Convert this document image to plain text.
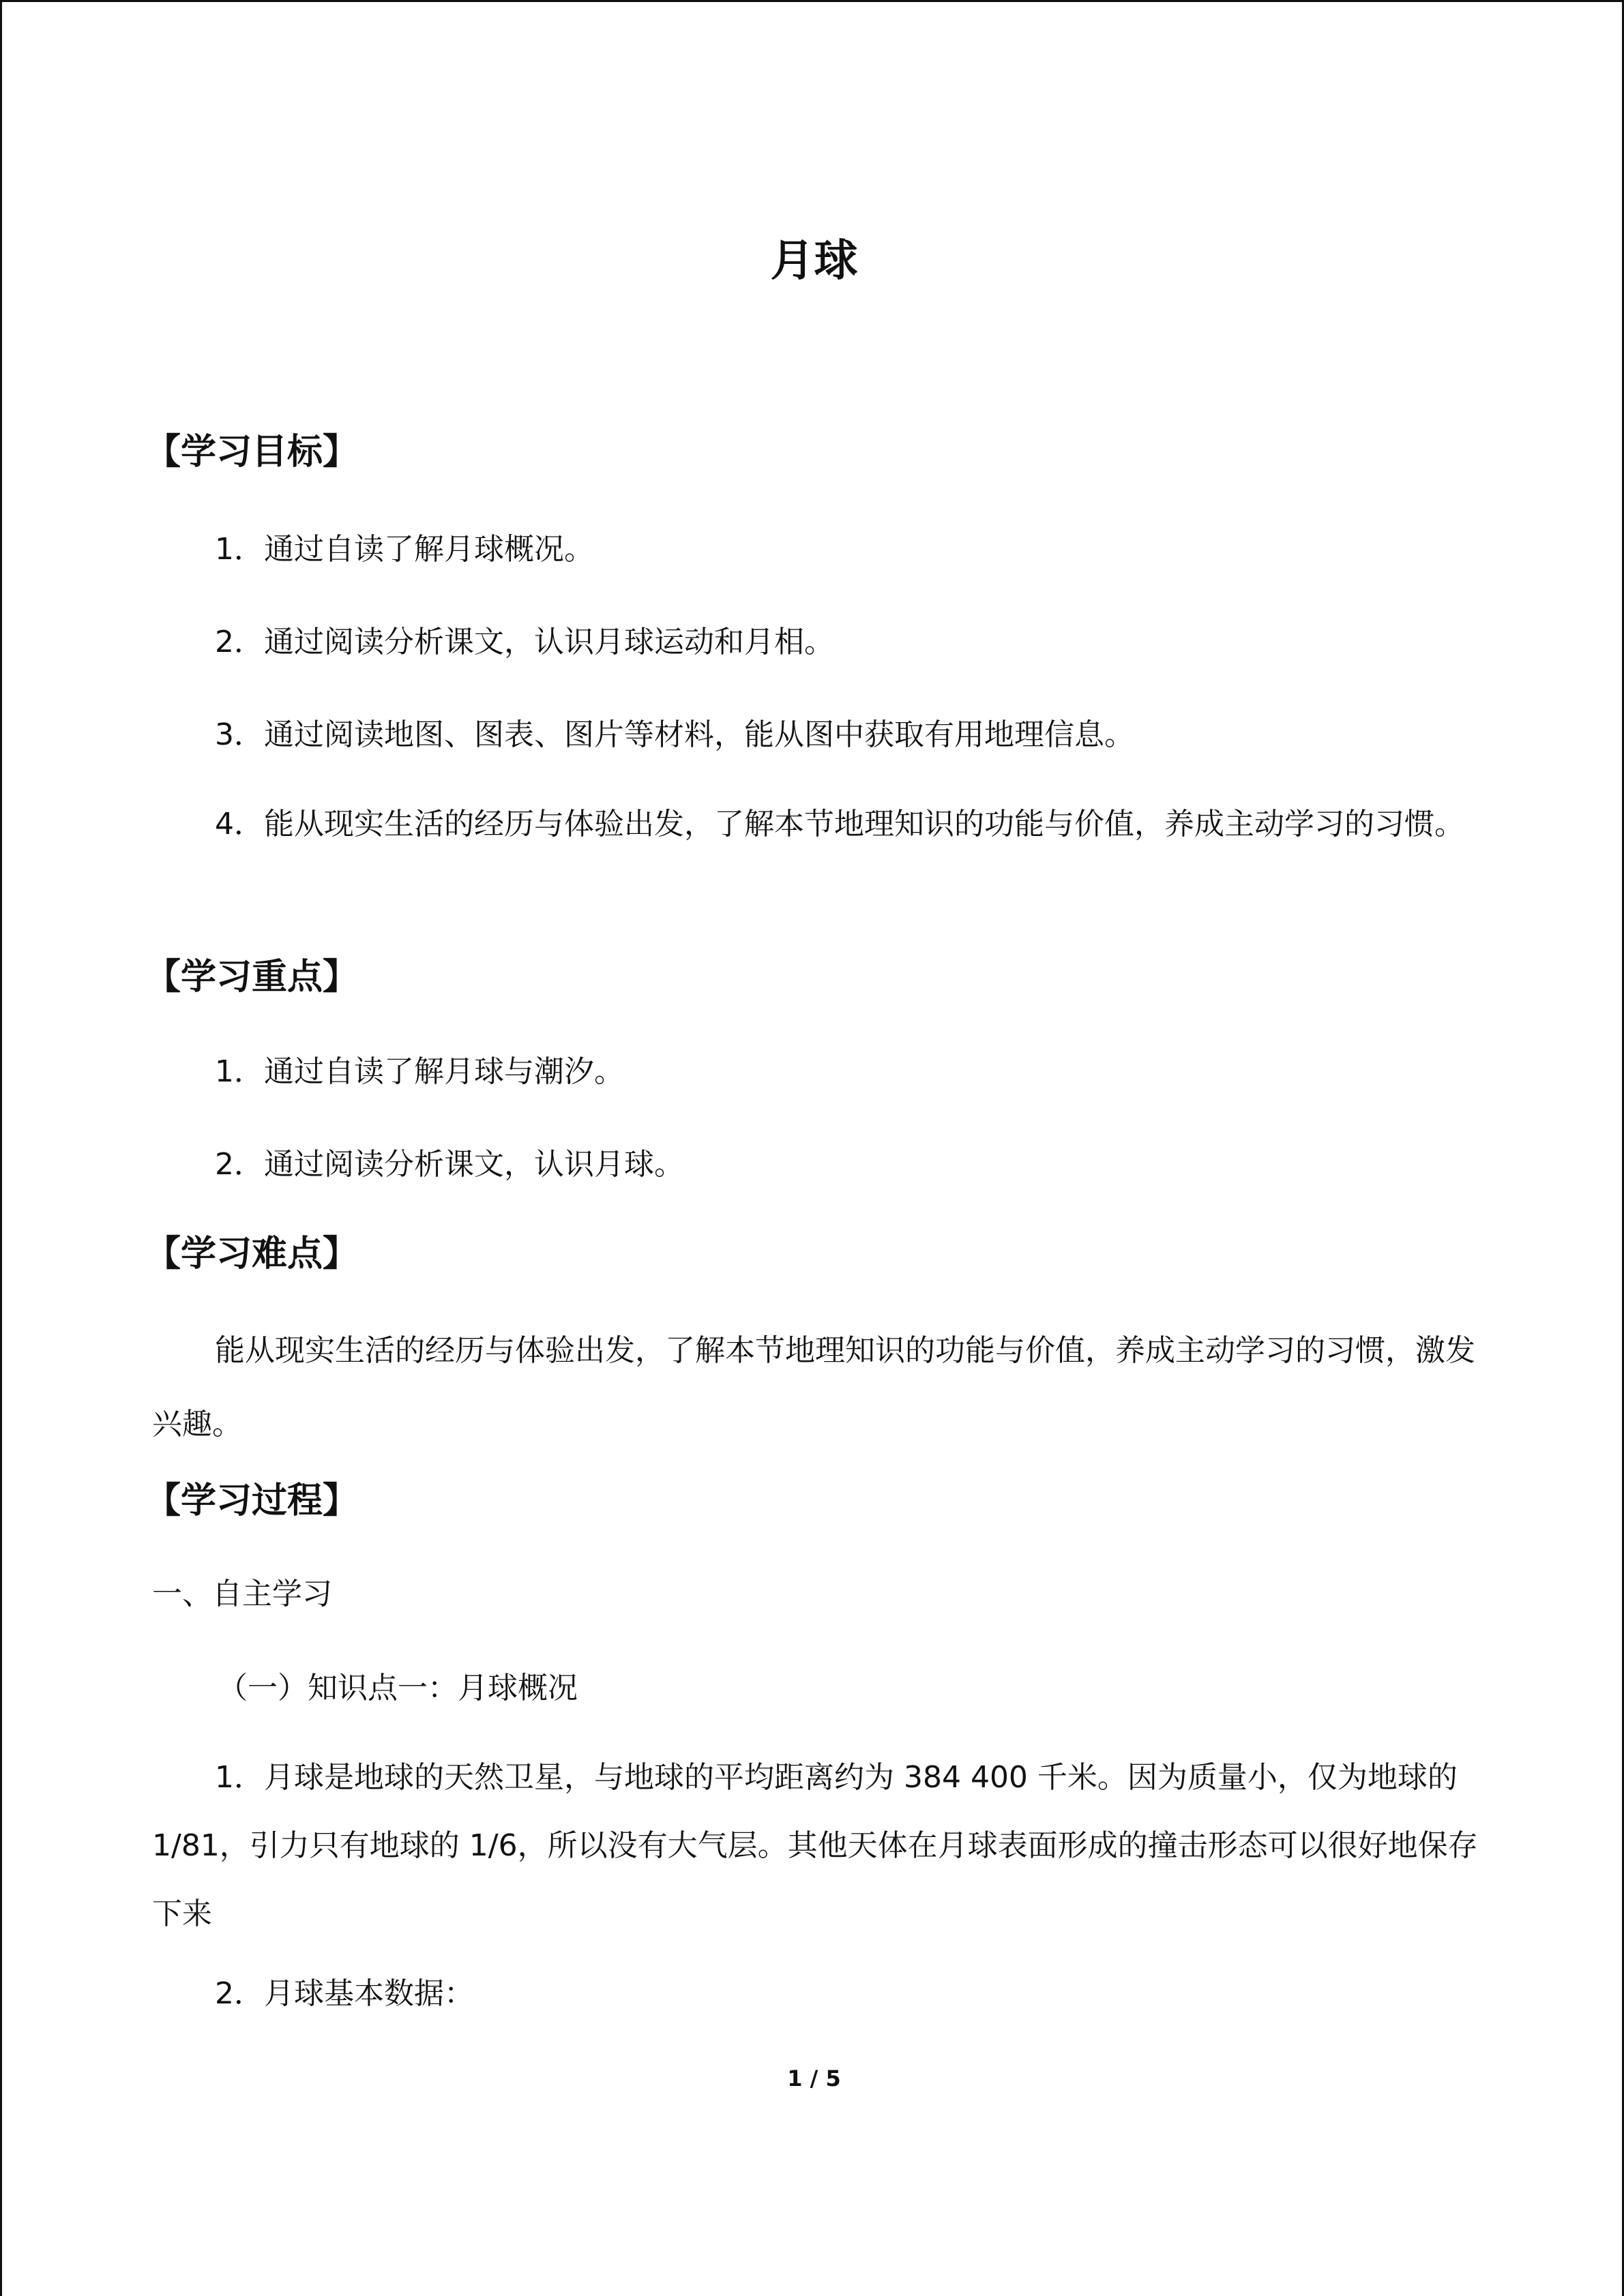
月球
【学习目标】
1．通过自读了解月球概况。
2．通过阅读分析课文，认识月球运动和月相。
3．通过阅读地图、图表、图片等材料，能从图中获取有用地理信息。
4．能从现实生活的经历与体验出发，了解本节地理知识的功能与价值，养成主动学习的习惯。
【学习重点】
1．通过自读了解月球与潮汐。
2．通过阅读分析课文，认识月球。
【学习难点】
能从现实生活的经历与体验出发，了解本节地理知识的功能与价值，养成主动学习的习惯，激发兴趣。
【学习过程】
一、自主学习
（一）知识点一：月球概况
1．月球是地球的天然卫星，与地球的平均距离约为 384 400 千米。因为质量小，仅为地球的 1/81，引力只有地球的 1/6，所以没有大气层。其他天体在月球表面形成的撞击形态可以很好地保存下来
2．月球基本数据：
1 / 5
